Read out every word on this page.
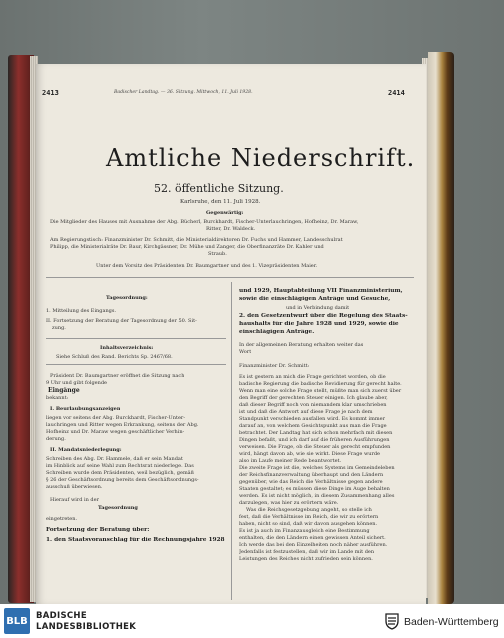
2413	Badischer Landtag. — 36. Sitzung. Mittwoch, 11. Juli 1928.	2414
Amtliche Niederschrift.
52. öffentliche Sitzung.
Karlsruhe, den 11. Juli 1928.
Gegenwärtig:
Die Mitglieder des Hauses mit Ausnahme der Abg. Bücherl, Burckhardt, Fischer-Unterlauchringen, Hofheinz, Dr. Maraw,
Ritter, Dr. Waldeck.
Am Regierungstisch: Finanzminister Dr. Schmitt, die Ministerialdirektoren Dr. Fuchs und Hammer, Landesschulrat
Philipp, die Ministerialräte Dr. Baur, Kirchgässner, Dr. Mühe und Zanger, die Oberfinanzräte Dr. Kahler und
Straub.
Unter dem Vorsitz des Präsidenten Dr. Baumgartner und des 1. Vizepräsidenten Maier.
Tagesordnung:
1. Mitteilung des Eingangs.
II. Fortsetzung der Beratung der Tagesordnung der 50. Sit-
zung.
Inhaltsverzeichnis:
Siehe Schluß des Rand. Berichts Sp. 2467/68.
Präsident Dr. Baumgartner eröffnet die Sitzung nach
9 Uhr und gibt folgende
Eingänge
bekannt:
I. Beurlaubungsanzeigen
liegen vor seitens der Abg. Burckhardt, Fischer-Unter-
lauchringen und Ritter wegen Erkrankung, seitens der Abg.
Hofheinz und Dr. Maraw wegen geschäftlicher Verhin-
derung.
II. Mandatsniederlegung:
Schreiben des Abg. Dr. Hammele, daß er sein Mandat
im Hinblick auf seine Wahl zum Rechtsrat niederlege. Das
Schreiben wurde dem Präsidenten, weil bezüglich, gemäß
§ 26 der Geschäftsordnung bereits dem Geschäftsordnungs-
ausschuß überwiesen.
Hierauf wird in der
Tagesordnung
eingetreten.
Fortsetzung der Beratung über:
1. den Staatsvoranschlag für die Rechnungsjahre 1928
und 1929, Hauptabteilung VII Finanzministerium,
sowie die einschlägigen Anträge und Gesuche,
und in Verbindung damit
2. den Gesetzentwurf über die Regelung des Staats-
haushalts für die Jahre 1928 und 1929, sowie die
einschlägigen Anträge.
In der allgemeinen Beratung erhalten weiter das
Wort
Finanzminister Dr. Schmitt:
Es ist gestern an mich die Frage gerichtet worden, ob die
badische Regierung die badische Revidierung für gerecht halte.
Wenn man eine solche Frage stellt, müßte man sich zuerst über
den Begriff der gerechten Steuer einigen. Ich glaube aber,
daß dieser Begriff noch von niemandem klar umschrieben
ist und daß die Antwort auf diese Frage je nach dem
Standpunkt verschieden ausfallen wird. Es kommt immer
darauf an, von welchem Gesichtspunkt aus man die Frage
betrachtet. Der Landtag hat sich schon mehrfach mit diesen
Dingen befaßt, und ich darf auf die früheren Ausführungen
verweisen. Die Frage, ob die Steuer als gerecht empfunden
wird, hängt davon ab, wie sie wirkt. Diese Frage wurde
also im Laufe meiner Rede beantwortet.
Die zweite Frage ist die, welches Systems im Gemeindeleben
der Reichsfinanzverwaltung überhaupt und den Ländern
gegenüber, wie das Reich die Verhältnisse gegen andere
Staaten gestaltet; es müssen diese Dinge im Auge behalten
werden. Es ist nicht möglich, in diesem Zusammenhang alles
darzulegen, was hier zu erörtern wäre.
Was die Reichsgesetzgebung angeht, so stelle ich
fest, daß die Verhältnisse im Reich, die wir zu erörtern
haben, nicht so sind, daß wir davon ausgehen können.
Es ist ja auch im Finanzausgleich eine Bestimmung
enthalten, die den Ländern einen gewissen Anteil sichert.
Ich werde das bei den Einzelheiten noch näher ausführen.
Jedenfalls ist festzustellen, daß wir im Lande mit den
Leistungen des Reiches nicht zufrieden sein können.
BLB BADISCHE
LANDESBIBLIOTHEK	Baden-Württemberg
